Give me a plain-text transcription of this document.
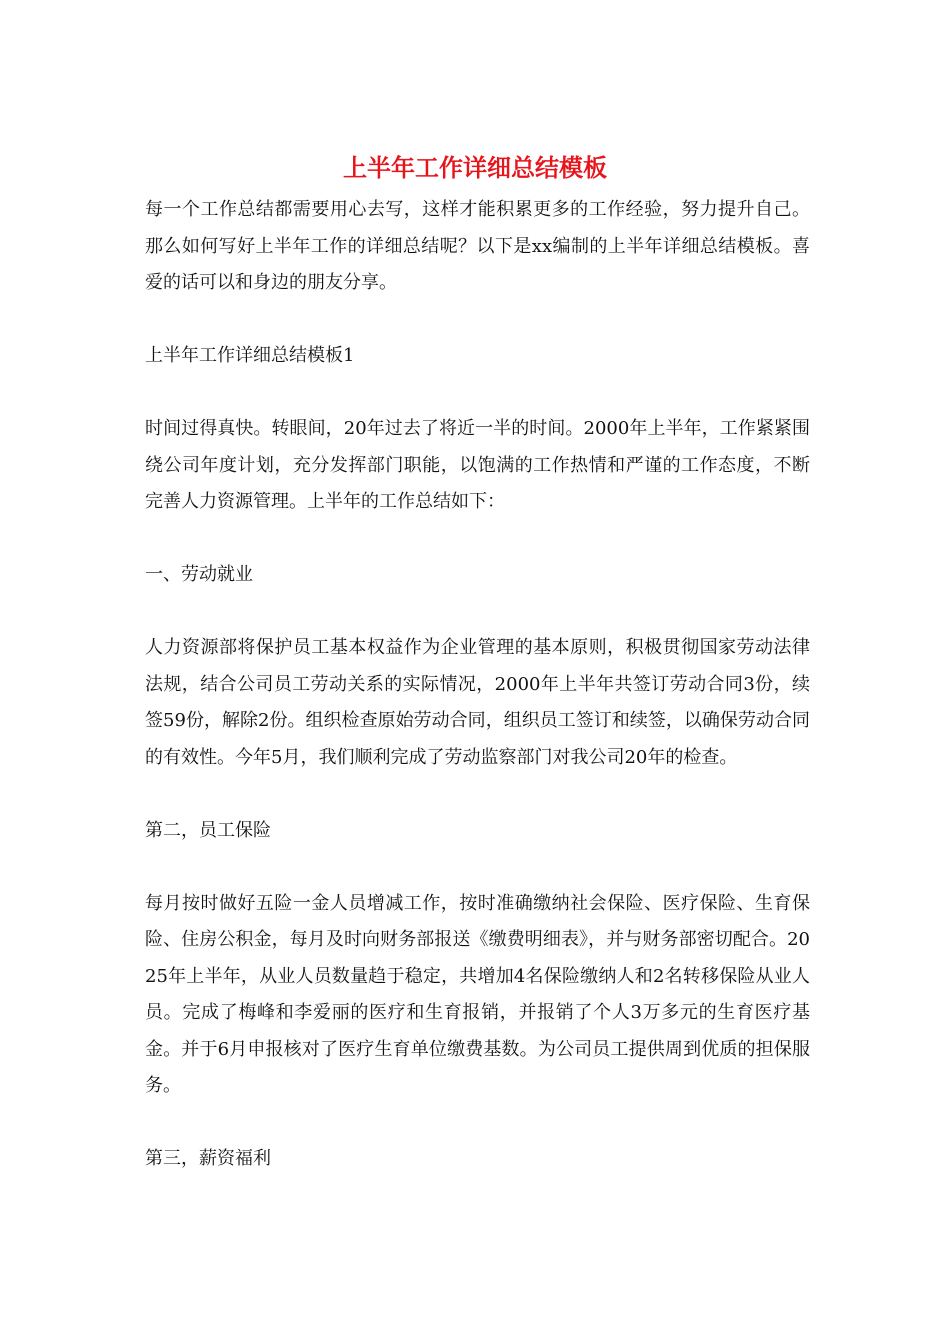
上半年工作详细总结模板

每一个工作总结都需要用心去写，这样才能积累更多的工作经验，努力提升自己。那么如何写好上半年工作的详细总结呢？以下是xx编制的上半年详细总结模板。喜爱的话可以和身边的朋友分享。

上半年工作详细总结模板1

时间过得真快。转眼间，20年过去了将近一半的时间。2000年上半年，工作紧紧围绕公司年度计划，充分发挥部门职能，以饱满的工作热情和严谨的工作态度，不断完善人力资源管理。上半年的工作总结如下：

一、劳动就业

人力资源部将保护员工基本权益作为企业管理的基本原则，积极贯彻国家劳动法律法规，结合公司员工劳动关系的实际情况，2000年上半年共签订劳动合同3份，续签59份，解除2份。组织检查原始劳动合同，组织员工签订和续签，以确保劳动合同的有效性。今年5月，我们顺利完成了劳动监察部门对我公司20年的检查。

第二，员工保险

每月按时做好五险一金人员增减工作，按时准确缴纳社会保险、医疗保险、生育保险、住房公积金，每月及时向财务部报送《缴费明细表》，并与财务部密切配合。2025年上半年，从业人员数量趋于稳定，共增加4名保险缴纳人和2名转移保险从业人员。完成了梅峰和李爱丽的医疗和生育报销，并报销了个人3万多元的生育医疗基金。并于6月申报核对了医疗生育单位缴费基数。为公司员工提供周到优质的担保服务。

第三，薪资福利
